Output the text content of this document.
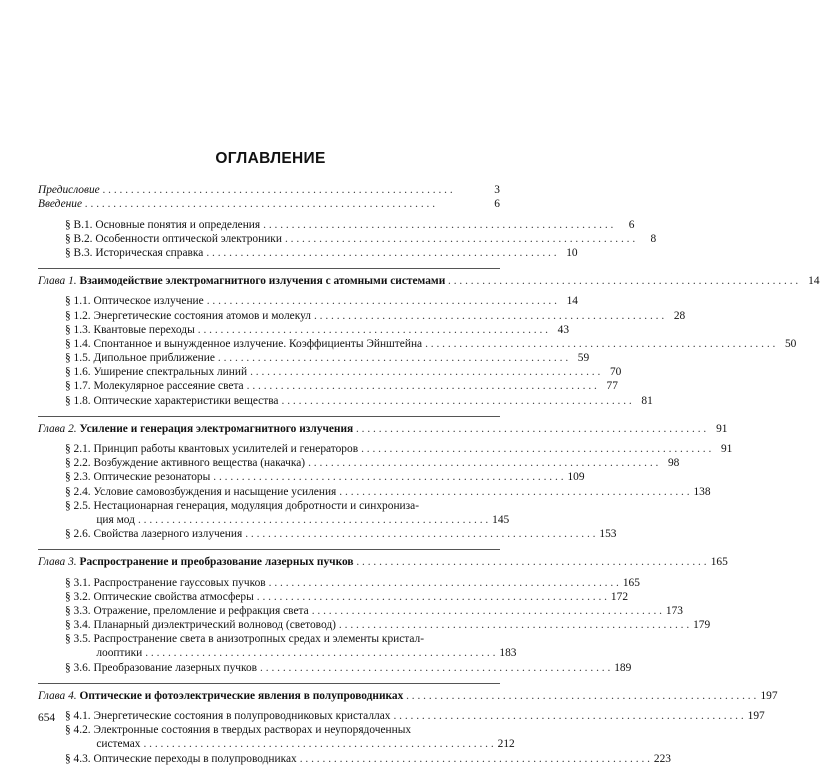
ОГЛАВЛЕНИЕ
Предисловие . .	3
Введение . .	6
§ В.1. Основные понятия и определения . .	6
§ В.2. Особенности оптической электроники . .	8
§ В.3. Историческая справка . .	10
Глава 1. Взаимодействие электромагнитного излучения с атомными системами . .	14
§ 1.1. Оптическое излучение . .	14
§ 1.2. Энергетические состояния атомов и молекул . .	28
§ 1.3. Квантовые переходы . .	43
§ 1.4. Спонтанное и вынужденное излучение. Коэффициенты Эйнштейна . .	50
§ 1.5. Дипольное приближение . .	59
§ 1.6. Уширение спектральных линий . .	70
§ 1.7. Молекулярное рассеяние света . .	77
§ 1.8. Оптические характеристики вещества . .	81
Глава 2. Усиление и генерация электромагнитного излучения . .	91
§ 2.1. Принцип работы квантовых усилителей и генераторов . .	91
§ 2.2. Возбуждение активного вещества (накачка) . .	98
§ 2.3. Оптические резонаторы . .	109
§ 2.4. Условие самовозбуждения и насыщение усиления . .	138
§ 2.5. Нестационарная генерация, модуляция добротности и синхрониза-
ция мод . .	145
§ 2.6. Свойства лазерного излучения . .	153
Глава 3. Распространение и преобразование лазерных пучков . .	165
§ 3.1. Распространение гауссовых пучков . .	165
§ 3.2. Оптические свойства атмосферы . .	172
§ 3.3. Отражение, преломление и рефракция света . .	173
§ 3.4. Планарный диэлектрический волновод (световод) . .	179
§ 3.5. Распространение света в анизотропных средах и элементы кристал-
лооптики . .	183
§ 3.6. Преобразование лазерных пучков . .	189
Глава 4. Оптические и фотоэлектрические явления в полупроводниках . .	197
§ 4.1. Энергетические состояния в полупроводниковых кристаллах . .	197
§ 4.2. Электронные состояния в твердых растворах и неупорядоченных
системах . .	212
§ 4.3. Оптические переходы в полупроводниках . .	223
654
